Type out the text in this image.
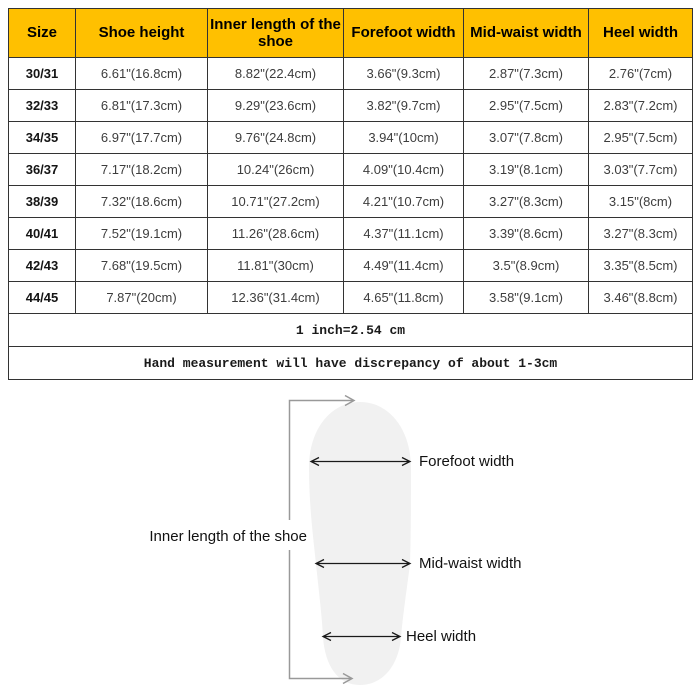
Size	Shoe height	Inner length of the shoe	Forefoot width	Mid-waist width	Heel width
30/31	6.61"(16.8cm)	8.82"(22.4cm)	3.66"(9.3cm)	2.87"(7.3cm)	2.76"(7cm)
32/33	6.81"(17.3cm)	9.29"(23.6cm)	3.82"(9.7cm)	2.95"(7.5cm)	2.83"(7.2cm)
34/35	6.97"(17.7cm)	9.76"(24.8cm)	3.94"(10cm)	3.07"(7.8cm)	2.95"(7.5cm)
36/37	7.17"(18.2cm)	10.24"(26cm)	4.09"(10.4cm)	3.19"(8.1cm)	3.03"(7.7cm)
38/39	7.32"(18.6cm)	10.71"(27.2cm)	4.21"(10.7cm)	3.27"(8.3cm)	3.15"(8cm)
40/41	7.52"(19.1cm)	11.26"(28.6cm)	4.37"(11.1cm)	3.39"(8.6cm)	3.27"(8.3cm)
42/43	7.68"(19.5cm)	11.81"(30cm)	4.49"(11.4cm)	3.5"(8.9cm)	3.35"(8.5cm)
44/45	7.87"(20cm)	12.36"(31.4cm)	4.65"(11.8cm)	3.58"(9.1cm)	3.46"(8.8cm)
1 inch=2.54 cm					
Hand measurement will have discrepancy of about 1-3cm					
Forefoot width
Inner length of the shoe
Mid-waist width
Heel width
